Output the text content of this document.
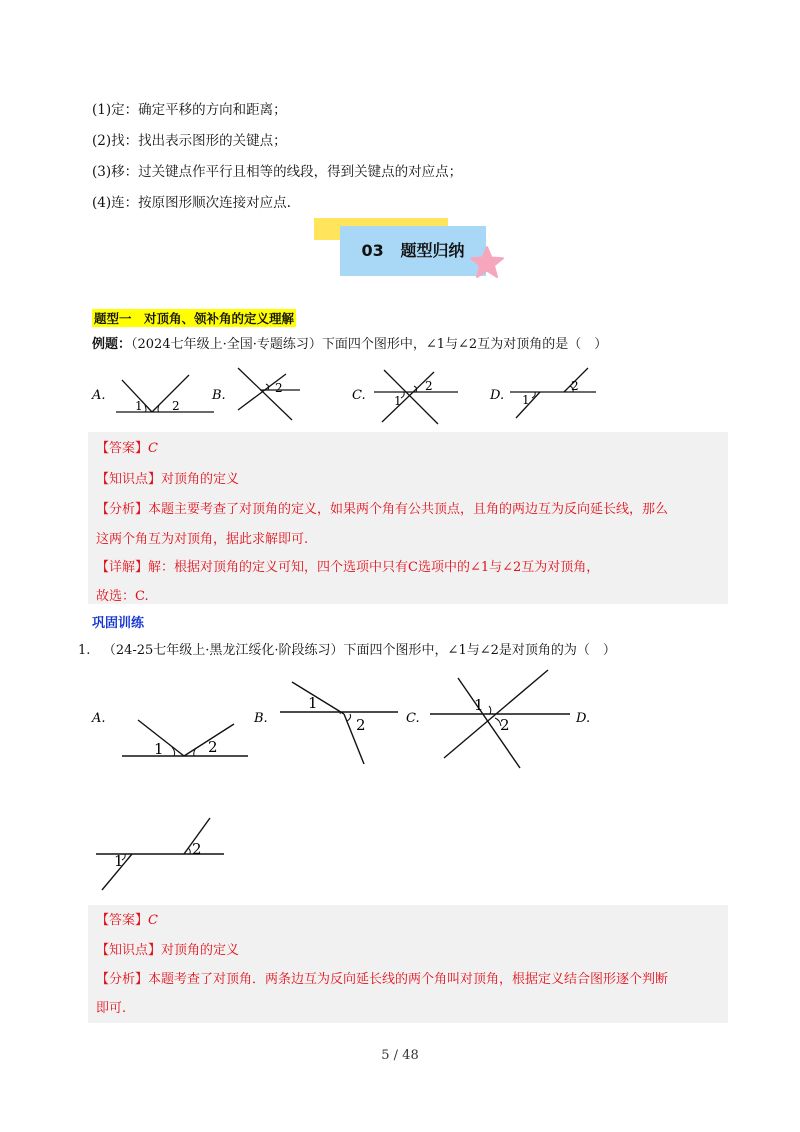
(1)定：确定平移的方向和距离；
(2)找：找出表示图形的关键点；
(3)移：过关键点作平行且相等的线段，得到关键点的对应点；
(4)连：按原图形顺次连接对应点.
03 题型归纳
题型一　对顶角、领补角的定义理解
例题：（2024七年级上·全国·专题练习）下面四个图形中，∠1与∠2互为对顶角的是（　）
A.
1 2
B.	2	C. 1
2
D. 1
2
【答案】C
【知识点】对顶角的定义
【分析】本题主要考查了对顶角的定义，如果两个角有公共顶点，且角的两边互为反向延长线，那么
这两个角互为对顶角，据此求解即可.
【详解】解：根据对顶角的定义可知，四个选项中只有C选项中的∠1与∠2互为对顶角，
故选：C.
巩固训练
1. （24-25七年级上·黑龙江绥化·阶段练习）下面四个图形中，∠1与∠2是对顶角的为（　）
A.
1	2
B.
1
2	C.
1
2	D.
1
2
【答案】C
【知识点】对顶角的定义
【分析】本题考查了对顶角．两条边互为反向延长线的两个角叫对顶角，根据定义结合图形逐个判断
即可.
5 / 48
